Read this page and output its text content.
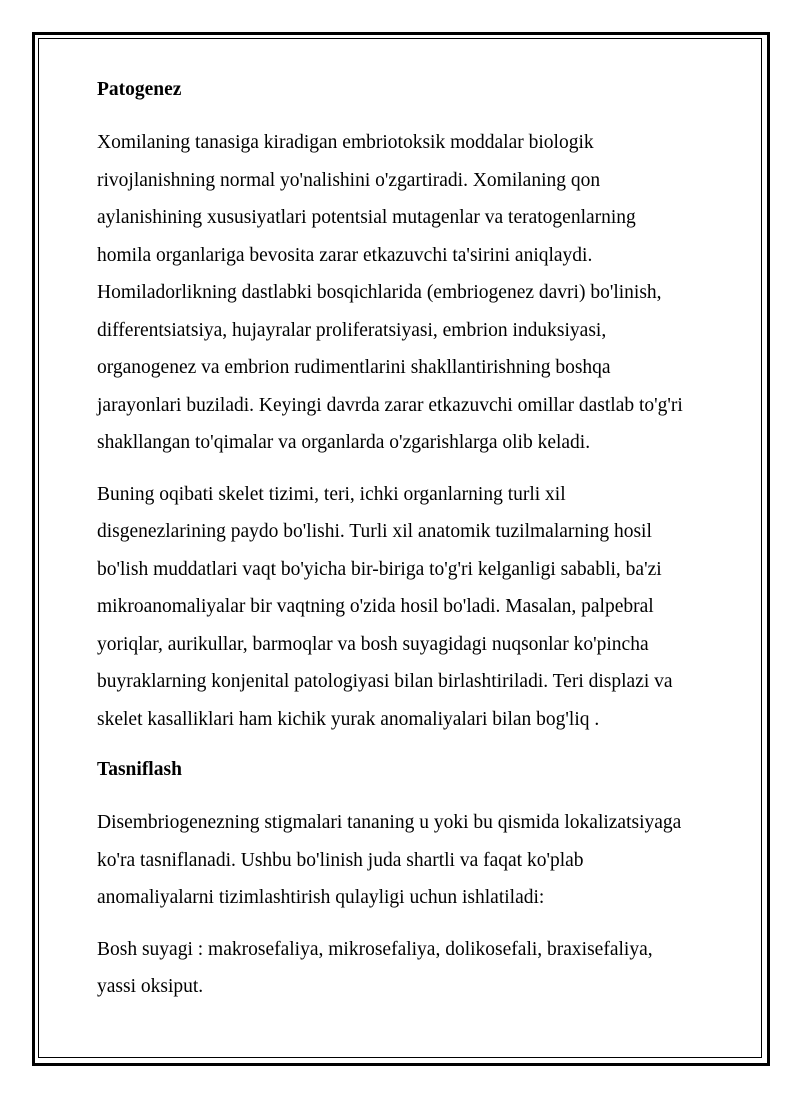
Patogenez

Xomilaning tanasiga kiradigan embriotoksik moddalar biologik
rivojlanishning normal yo'nalishini o'zgartiradi. Xomilaning qon
aylanishining xususiyatlari potentsial mutagenlar va teratogenlarning
homila organlariga bevosita zarar etkazuvchi ta'sirini aniqlaydi.
Homiladorlikning dastlabki bosqichlarida (embriogenez davri) bo'linish,
differentsiatsiya, hujayralar proliferatsiyasi, embrion induksiyasi,
organogenez va embrion rudimentlarini shakllantirishning boshqa
jarayonlari buziladi. Keyingi davrda zarar etkazuvchi omillar dastlab to'g'ri
shakllangan to'qimalar va organlarda o'zgarishlarga olib keladi.

Buning oqibati skelet tizimi, teri, ichki organlarning turli xil
disgenezlarining paydo bo'lishi. Turli xil anatomik tuzilmalarning hosil
bo'lish muddatlari vaqt bo'yicha bir-biriga to'g'ri kelganligi sababli, ba'zi
mikroanomaliyalar bir vaqtning o'zida hosil bo'ladi. Masalan, palpebral
yoriqlar, aurikullar, barmoqlar va bosh suyagidagi nuqsonlar ko'pincha
buyraklarning konjenital patologiyasi bilan birlashtiriladi. Teri displazi va
skelet kasalliklari ham kichik yurak anomaliyalari bilan bog'liq .

Tasniflash

Disembriogenezning stigmalari tananing u yoki bu qismida lokalizatsiyaga
ko'ra tasniflanadi. Ushbu bo'linish juda shartli va faqat ko'plab
anomaliyalarni tizimlashtirish qulayligi uchun ishlatiladi:

Bosh suyagi : makrosefaliya, mikrosefaliya, dolikosefali, braxisefaliya,
yassi oksiput.
